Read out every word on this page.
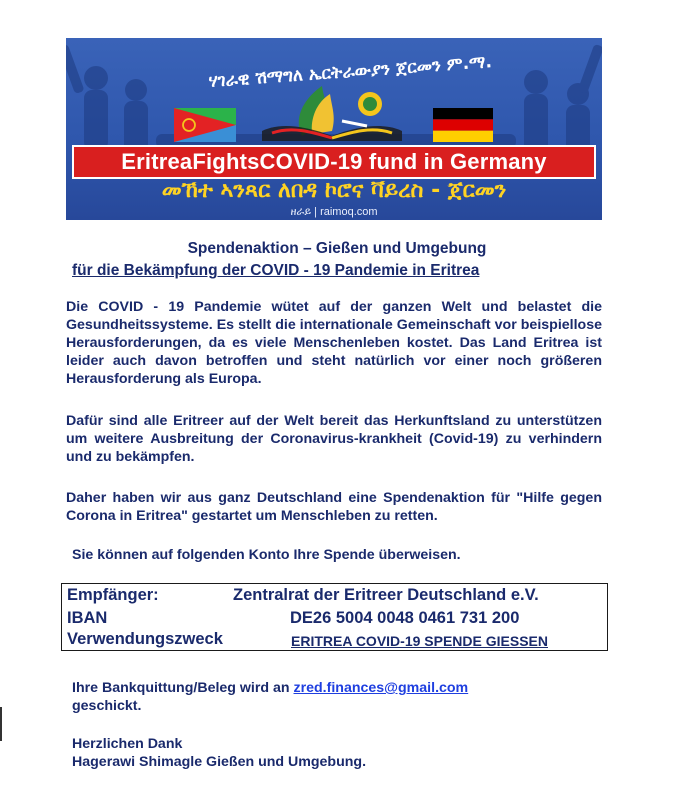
ሃገራዊ ሽማግለ ኤርትራውያን ጀርመን ም.ማ.
EritreaFightsCOVID-19 fund in Germany
መኸተ ኣንጻር ለበዳ ኮሮና ቫይረስ - ጀርመን
ዘራይ | raimoq.com
Spendenaktion – Gießen und Umgebung
für die Bekämpfung der COVID - 19 Pandemie in Eritrea
Die COVID - 19 Pandemie wütet auf der ganzen Welt und belastet die Gesundheitssysteme. Es stellt die internationale Gemeinschaft vor beispiellose Herausforderungen, da es viele Menschenleben kostet. Das Land Eritrea ist leider auch davon betroffen und steht natürlich vor einer noch größeren Herausforderung als Europa.
Dafür sind alle Eritreer auf der Welt bereit das Herkunftsland zu unterstützen um weitere Ausbreitung der Coronavirus-krankheit (Covid-19) zu verhindern und zu bekämpfen.
Daher haben wir aus ganz Deutschland eine Spendenaktion für "Hilfe gegen Corona in Eritrea" gestartet um Menschleben zu retten.
Sie können auf folgenden Konto Ihre Spende überweisen.
Empfänger:	Zentralrat der Eritreer Deutschland e.V.
IBAN	DE26 5004 0048 0461 731 200
Verwendungszweck	ERITREA COVID-19 SPENDE GIESSEN
Ihre Bankquittung/Beleg wird an zred.finances@gmail.com
geschickt.
Herzlichen Dank
Hagerawi Shimagle Gießen und Umgebung.
